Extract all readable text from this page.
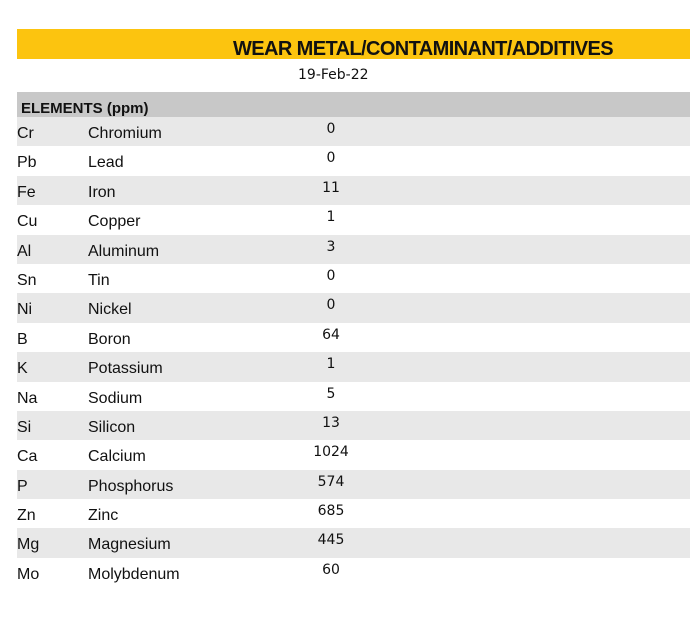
WEAR METAL/CONTAMINANT/ADDITIVES
19-Feb-22
ELEMENTS (ppm)
Cr	Chromium	0
Pb	Lead	0
Fe	Iron	11
Cu	Copper	1
Al	Aluminum	3
Sn	Tin	0
Ni	Nickel	0
B	Boron	64
K	Potassium	1
Na	Sodium	5
Si	Silicon	13
Ca	Calcium	1024
P	Phosphorus	574
Zn	Zinc	685
Mg	Magnesium	445
Mo	Molybdenum	60
